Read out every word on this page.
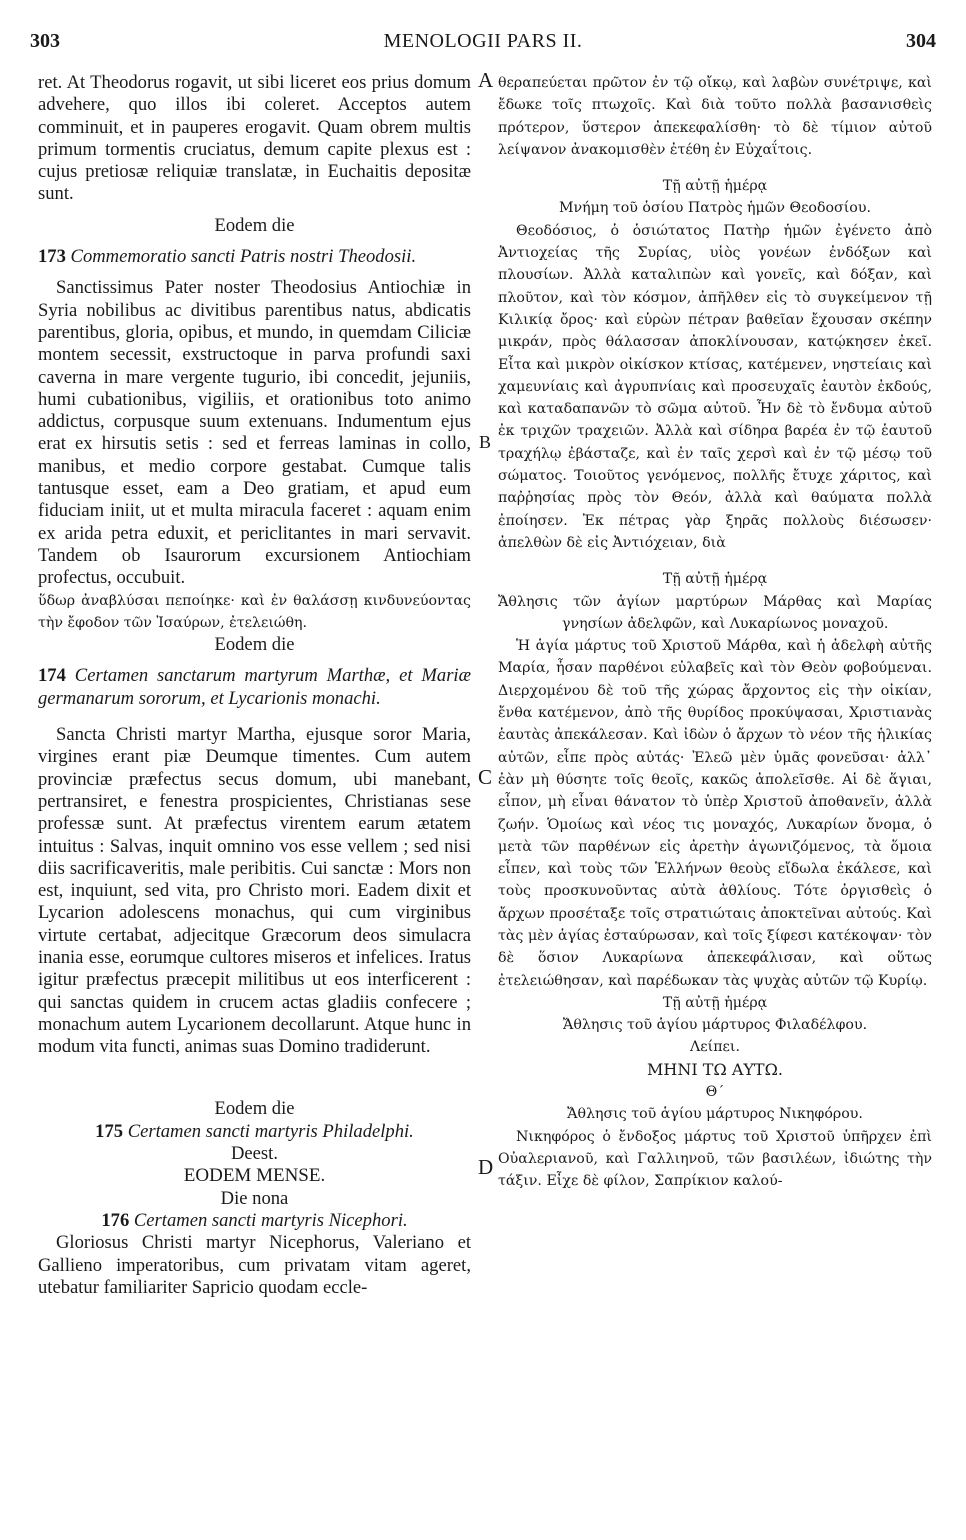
303	MENOLOGII PARS II.	304
A
B
C
D

ret. At Theodorus rogavit, ut sibi liceret eos prius domum advehere, quo illos ibi coleret. Acceptos autem comminuit, et in pauperes erogavit. Quam obrem multis primum tormentis cruciatus, demum capite plexus est : cujus pretiosæ reliquiæ translatæ, in Euchaitis depositæ sunt.

Eodem die

173 Commemoratio sancti Patris nostri Theodosii.

Sanctissimus Pater noster Theodosius Antiochiæ in Syria nobilibus ac divitibus parentibus natus, abdicatis parentibus, gloria, opibus, et mundo, in quemdam Ciliciæ montem secessit, exstructoque in parva profundi saxi caverna in mare vergente tugurio, ibi concedit, jejuniis, humi cubationibus, vigiliis, et orationibus toto animo addictus, corpusque suum extenuans. Indumentum ejus erat ex hirsutis setis : sed et ferreas laminas in collo, manibus, et medio corpore gestabat. Cumque talis tantusque esset, eam a Deo gratiam, et apud eum fiduciam iniit, ut et multa miracula faceret : aquam enim ex arida petra eduxit, et periclitantes in mari servavit. Tandem ob Isaurorum excursionem Antiochiam profectus, occubuit.

ὕδωρ ἀναβλύσαι πεποίηκε· καὶ ἐν θαλάσσῃ κινδυνεύοντας τὴν ἔφοδον τῶν Ἰσαύρων, ἐτελειώθη.

Eodem die

174 Certamen sanctarum martyrum Marthæ, et Mariæ germanarum sororum, et Lycarionis monachi.

Sancta Christi martyr Martha, ejusque soror Maria, virgines erant piæ Deumque timentes. Cum autem provinciæ præfectus secus domum, ubi manebant, pertransiret, e fenestra prospicientes, Christianas sese professæ sunt. At præfectus virentem earum ætatem intuitus : Salvas, inquit omnino vos esse vellem ; sed nisi diis sacrificaveritis, male peribitis. Cui sanctæ : Mors non est, inquiunt, sed vita, pro Christo mori. Eadem dixit et Lycarion adolescens monachus, qui cum virginibus virtute certabat, adjecitque Græcorum deos simulacra inania esse, eorumque cultores miseros et infelices. Iratus igitur præfectus præcepit militibus ut eos interficerent : qui sanctas quidem in crucem actas gladiis confecere ; monachum autem Lycarionem decollarunt. Atque hunc in modum vita functi, animas suas Domino tradiderunt.

Eodem die

175 Certamen sancti martyris Philadelphi.

Deest.

EODEM MENSE.

Die nona

176 Certamen sancti martyris Nicephori.

Gloriosus Christi martyr Nicephorus, Valeriano et Gallieno imperatoribus, cum privatam vitam ageret, utebatur familiariter Sapricio quodam eccle-

θεραπεύεται πρῶτον ἐν τῷ οἴκῳ, καὶ λαβὼν συνέτριψε, καὶ ἔδωκε τοῖς πτωχοῖς. Καὶ διὰ τοῦτο πολλὰ βασανισθεὶς πρότερον, ὕστερον ἀπεκεφαλίσθη· τὸ δὲ τίμιον αὐτοῦ λείψανον ἀνακομισθὲν ἐτέθη ἐν Εὐχαΐτοις.

Τῇ αὐτῇ ἡμέρᾳ

Μνήμη τοῦ ὁσίου Πατρὸς ἡμῶν Θεοδοσίου.

Θεοδόσιος, ὁ ὁσιώτατος Πατὴρ ἡμῶν ἐγένετο ἀπὸ Ἀντιοχείας τῆς Συρίας, υἱὸς γονέων ἐνδόξων καὶ πλουσίων. Ἀλλὰ καταλιπὼν καὶ γονεῖς, καὶ δόξαν, καὶ πλοῦτον, καὶ τὸν κόσμον, ἀπῆλθεν εἰς τὸ συγκείμενον τῇ Κιλικίᾳ ὄρος· καὶ εὑρὼν πέτραν βαθεῖαν ἔχουσαν σκέπην μικράν, πρὸς θάλασσαν ἀποκλίνουσαν, κατῴκησεν ἐκεῖ. Εἶτα καὶ μικρὸν οἰκίσκον κτίσας, κατέμενεν, νηστείαις καὶ χαμευνίαις καὶ ἀγρυπνίαις καὶ προσευχαῖς ἑαυτὸν ἐκδούς, καὶ καταδαπανῶν τὸ σῶμα αὐτοῦ. Ἦν δὲ τὸ ἔνδυμα αὐτοῦ ἐκ τριχῶν τραχειῶν. Ἀλλὰ καὶ σίδηρα βαρέα ἐν τῷ ἑαυτοῦ τραχήλῳ ἐβάσταζε, καὶ ἐν ταῖς χερσὶ καὶ ἐν τῷ μέσῳ τοῦ σώματος. Τοιοῦτος γενόμενος, πολλῆς ἔτυχε χάριτος, καὶ παῤῥησίας πρὸς τὸν Θεόν, ἀλλὰ καὶ θαύματα πολλὰ ἐποίησεν. Ἐκ πέτρας γὰρ ξηρᾶς πολλοὺς διέσωσεν· ἀπελθὼν δὲ εἰς Ἀντιόχειαν, διὰ

Τῇ αὐτῇ ἡμέρᾳ

Ἄθλησις τῶν ἁγίων μαρτύρων Μάρθας καὶ Μαρίας γνησίων ἀδελφῶν, καὶ Λυκαρίωνος μοναχοῦ.

Ἡ ἁγία μάρτυς τοῦ Χριστοῦ Μάρθα, καὶ ἡ ἀδελφὴ αὐτῆς Μαρία, ἦσαν παρθένοι εὐλαβεῖς καὶ τὸν Θεὸν φοβούμεναι. Διερχομένου δὲ τοῦ τῆς χώρας ἄρχοντος εἰς τὴν οἰκίαν, ἔνθα κατέμενον, ἀπὸ τῆς θυρίδος προκύψασαι, Χριστιανὰς ἑαυτὰς ἀπεκάλεσαν. Καὶ ἰδὼν ὁ ἄρχων τὸ νέον τῆς ἡλικίας αὐτῶν, εἶπε πρὸς αὐτάς· Ἐλεῶ μὲν ὑμᾶς φονεῦσαι· ἀλλ᾽ ἐὰν μὴ θύσητε τοῖς θεοῖς, κακῶς ἀπολεῖσθε. Αἱ δὲ ἅγιαι, εἶπον, μὴ εἶναι θάνατον τὸ ὑπὲρ Χριστοῦ ἀποθανεῖν, ἀλλὰ ζωήν. Ὁμοίως καὶ νέος τις μοναχός, Λυκαρίων ὄνομα, ὁ μετὰ τῶν παρθένων εἰς ἀρετὴν ἀγωνιζόμενος, τὰ ὅμοια εἶπεν, καὶ τοὺς τῶν Ἑλλήνων θεοὺς εἴδωλα ἐκάλεσε, καὶ τοὺς προσκυνοῦντας αὐτὰ ἀθλίους. Τότε ὀργισθεὶς ὁ ἄρχων προσέταξε τοῖς στρατιώταις ἀποκτεῖναι αὐτούς. Καὶ τὰς μὲν ἁγίας ἐσταύρωσαν, καὶ τοῖς ξίφεσι κατέκοψαν· τὸν δὲ ὅσιον Λυκαρίωνα ἀπεκεφάλισαν, καὶ οὕτως ἐτελειώθησαν, καὶ παρέδωκαν τὰς ψυχὰς αὐτῶν τῷ Κυρίῳ.

Τῇ αὐτῇ ἡμέρᾳ

Ἄθλησις τοῦ ἁγίου μάρτυρος Φιλαδέλφου.

Λείπει.

ΜΗΝΙ ΤΩ ΑΥΤΩ.

Θ΄

Ἄθλησις τοῦ ἁγίου μάρτυρος Νικηφόρου.

Νικηφόρος ὁ ἔνδοξος μάρτυς τοῦ Χριστοῦ ὑπῆρχεν ἐπὶ Οὐαλεριανοῦ, καὶ Γαλλιηνοῦ, τῶν βασιλέων, ἰδιώτης τὴν τάξιν. Εἶχε δὲ φίλον, Σαπρίκιον καλού-
